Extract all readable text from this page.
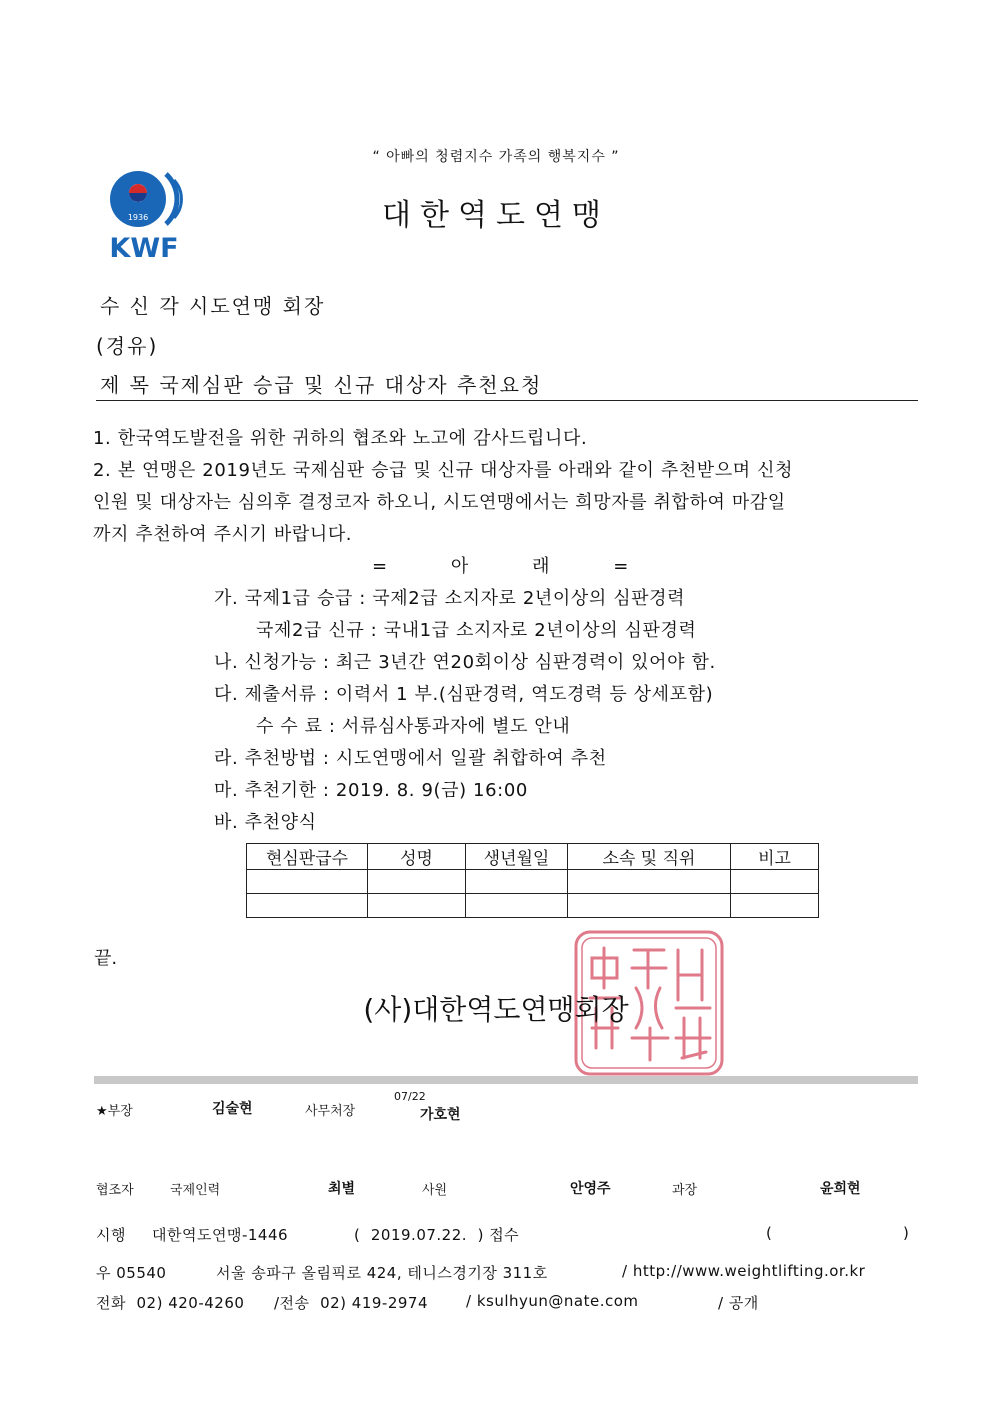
“ 아빠의 청렴지수 가족의 행복지수 ”
1936
KWF
대한역도연맹
수 신 각 시도연맹 회장
(경유)
제 목 국제심판 승급 및 신규 대상자 추천요청
1. 한국역도발전을 위한 귀하의 협조와 노고에 감사드립니다.
2. 본 연맹은 2019년도 국제심판 승급 및 신규 대상자를 아래와 같이 추천받으며 신청
인원 및 대상자는 심의후 결정코자 하오니, 시도연맹에서는 희망자를 취합하여 마감일
까지 추천하여 주시기 바랍니다.
=          아          래          =
가. 국제1급 승급 : 국제2급 소지자로 2년이상의 심판경력
국제2급 신규 : 국내1급 소지자로 2년이상의 심판경력
나. 신청가능 : 최근 3년간 연20회이상 심판경력이 있어야 함.
다. 제출서류 : 이력서 1 부.(심판경력, 역도경력 등 상세포함)
수 수 료 : 서류심사통과자에 별도 안내
라. 추천방법 : 시도연맹에서 일괄 취합하여 추천
마. 추천기한 : 2019. 8. 9(금) 16:00
바. 추천양식
현심판급수	성명	생년월일	소속 및 직위	비고

끝.
(사)대한역도연맹회장
★부장	김술현	사무처장
07/22
가호현
협조자	국제인력	최별	사원	안영주	과장	윤희현
시행 대한역도연맹-1446	(  2019.07.22.  ) 접수	(	)
우 05540	서울 송파구 올림픽로 424, 테니스경기장 311호	/ http://www.weightlifting.or.kr
전화  02) 420-4260 /전송  02) 419-2974	/ ksulhyun@nate.com	/ 공개
